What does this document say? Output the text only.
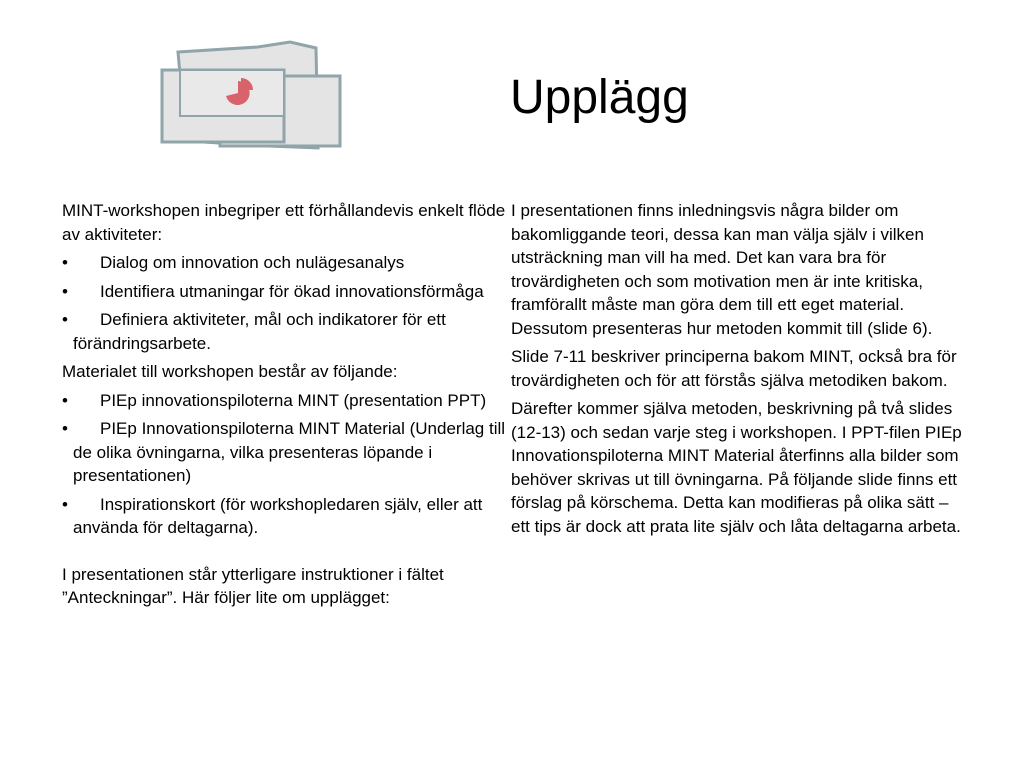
Upplägg

MINT-workshopen inbegriper ett förhållandevis enkelt flöde av aktiviteter:

•	Dialog om innovation och nulägesanalys
•	Identifiera utmaningar för ökad innovationsförmåga
•	Definiera aktiviteter, mål och indikatorer för ett förändringsarbete.

Materialet till workshopen består av följande:

•	PIEp innovationspiloterna MINT (presentation PPT)
•	PIEp Innovationspiloterna MINT Material (Underlag till de olika övningarna, vilka presenteras löpande i presentationen)
•	Inspirationskort (för workshopledaren själv, eller att använda för deltagarna).

I presentationen står ytterligare instruktioner i fältet ”Anteckningar”. Här följer lite om upplägget:

I presentationen finns inledningsvis några bilder om bakomliggande teori, dessa kan man välja själv i vilken utsträckning man vill ha med. Det kan vara bra för trovärdigheten och som motivation men är inte kritiska, framförallt måste man göra dem till ett eget material. Dessutom presenteras hur metoden kommit till (slide 6).

Slide 7-11 beskriver principerna bakom MINT, också bra för trovärdigheten och för att förstås själva metodiken bakom.

Därefter kommer själva metoden, beskrivning på två slides (12-13) och sedan varje steg i workshopen. I PPT-filen PIEp Innovationspiloterna MINT Material återfinns alla bilder som behöver skrivas ut till övningarna. På följande slide finns ett förslag på körschema. Detta kan modifieras på olika sätt – ett tips är dock att prata lite själv och låta deltagarna arbeta.
